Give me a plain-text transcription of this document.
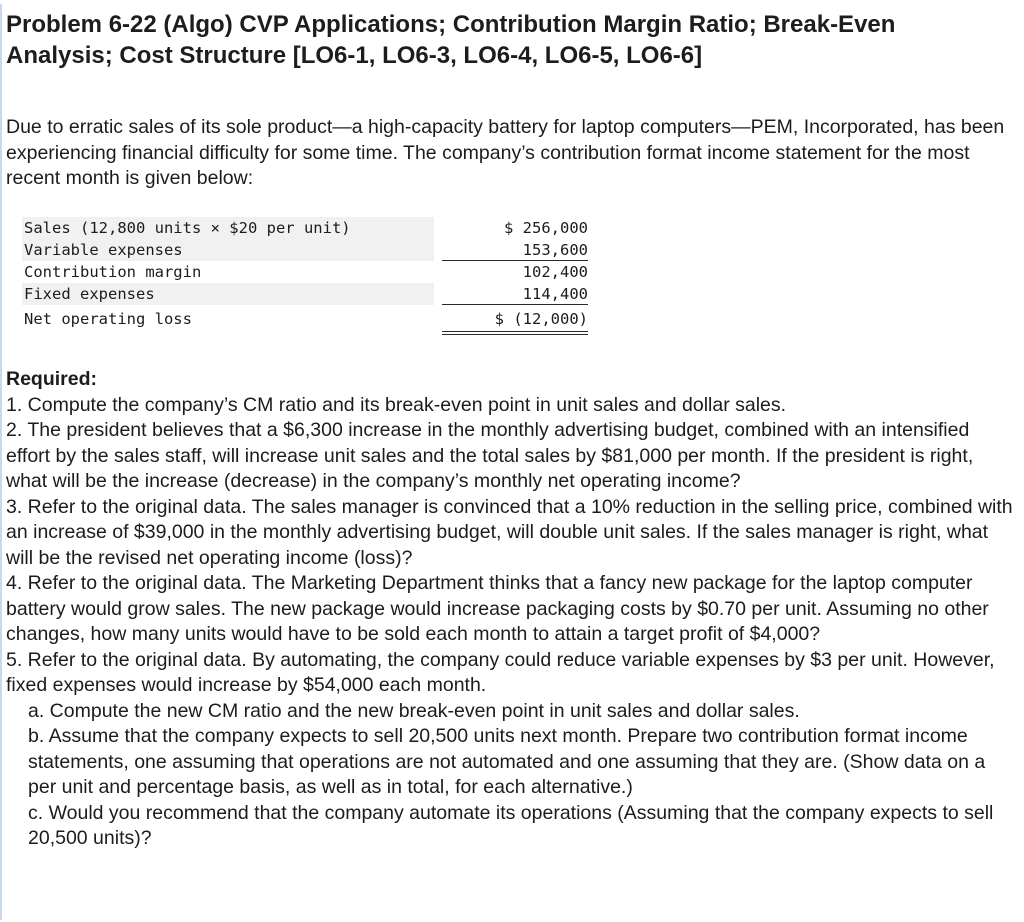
Problem 6-22 (Algo) CVP Applications; Contribution Margin Ratio; Break-Even Analysis; Cost Structure [LO6-1, LO6-3, LO6-4, LO6-5, LO6-6]

Due to erratic sales of its sole product—a high-capacity battery for laptop computers—PEM, Incorporated, has been experiencing financial difficulty for some time. The company’s contribution format income statement for the most recent month is given below:

Sales (12,800 units × $20 per unit)	$ 256,000
Variable expenses	153,600
Contribution margin	102,400
Fixed expenses	114,400
Net operating loss	$ (12,000)

Required:

1. Compute the company’s CM ratio and its break-even point in unit sales and dollar sales.

2. The president believes that a $6,300 increase in the monthly advertising budget, combined with an intensified effort by the sales staff, will increase unit sales and the total sales by $81,000 per month. If the president is right, what will be the increase (decrease) in the company’s monthly net operating income?

3. Refer to the original data. The sales manager is convinced that a 10% reduction in the selling price, combined with an increase of $39,000 in the monthly advertising budget, will double unit sales. If the sales manager is right, what will be the revised net operating income (loss)?

4. Refer to the original data. The Marketing Department thinks that a fancy new package for the laptop computer battery would grow sales. The new package would increase packaging costs by $0.70 per unit. Assuming no other changes, how many units would have to be sold each month to attain a target profit of $4,000?

5. Refer to the original data. By automating, the company could reduce variable expenses by $3 per unit. However, fixed expenses would increase by $54,000 each month.

a. Compute the new CM ratio and the new break-even point in unit sales and dollar sales.

b. Assume that the company expects to sell 20,500 units next month. Prepare two contribution format income statements, one assuming that operations are not automated and one assuming that they are. (Show data on a per unit and percentage basis, as well as in total, for each alternative.)

c. Would you recommend that the company automate its operations (Assuming that the company expects to sell 20,500 units)?
